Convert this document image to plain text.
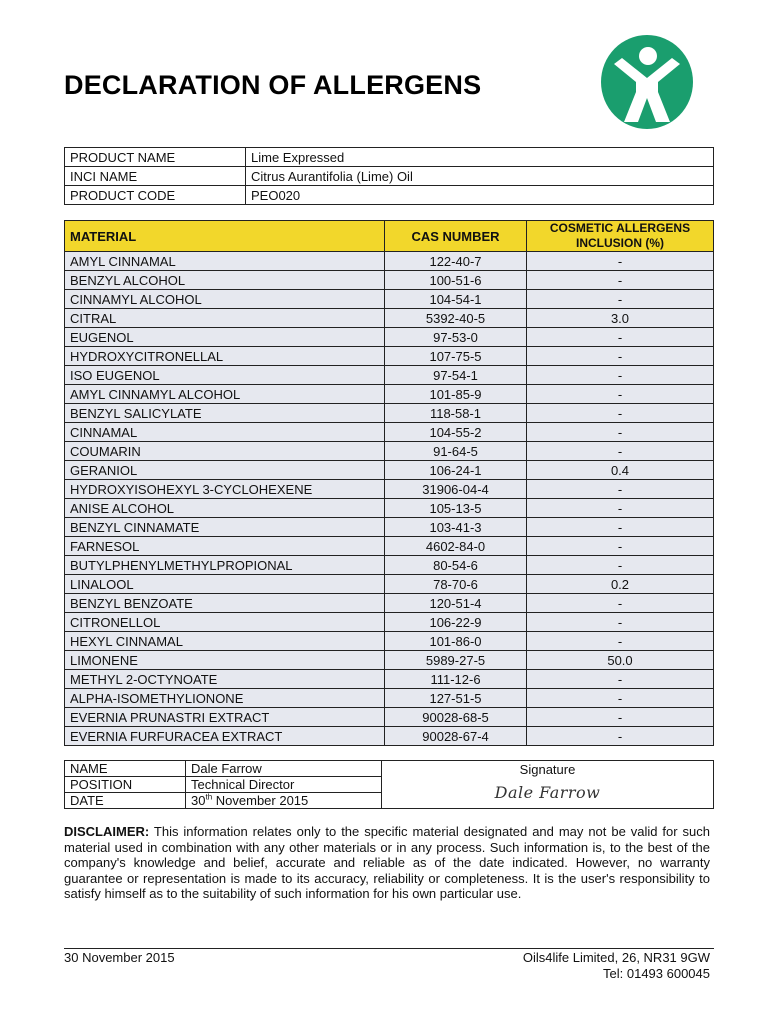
DECLARATION OF ALLERGENS
PRODUCT NAME	Lime Expressed
INCI NAME	Citrus Aurantifolia (Lime) Oil
PRODUCT CODE	PEO020
MATERIAL	CAS NUMBER	COSMETIC ALLERGENS INCLUSION (%)
AMYL CINNAMAL	122-40-7	-
BENZYL ALCOHOL	100-51-6	-
CINNAMYL ALCOHOL	104-54-1	-
CITRAL	5392-40-5	3.0
EUGENOL	97-53-0	-
HYDROXYCITRONELLAL	107-75-5	-
ISO EUGENOL	97-54-1	-
AMYL CINNAMYL ALCOHOL	101-85-9	-
BENZYL SALICYLATE	118-58-1	-
CINNAMAL	104-55-2	-
COUMARIN	91-64-5	-
GERANIOL	106-24-1	0.4
HYDROXYISOHEXYL 3-CYCLOHEXENE	31906-04-4	-
ANISE ALCOHOL	105-13-5	-
BENZYL CINNAMATE	103-41-3	-
FARNESOL	4602-84-0	-
BUTYLPHENYLMETHYLPROPIONAL	80-54-6	-
LINALOOL	78-70-6	0.2
BENZYL BENZOATE	120-51-4	-
CITRONELLOL	106-22-9	-
HEXYL CINNAMAL	101-86-0	-
LIMONENE	5989-27-5	50.0
METHYL 2-OCTYNOATE	111-12-6	-
ALPHA-ISOMETHYLIONONE	127-51-5	-
EVERNIA PRUNASTRI EXTRACT	90028-68-5	-
EVERNIA FURFURACEA EXTRACT	90028-67-4	-
NAME	Dale Farrow	Signature
Dale Farrow

POSITION	Technical Director	
DATE	30th November 2015	

DISCLAIMER: This information relates only to the specific material designated and may not be valid for such material used in combination with any other materials or in any process. Such information is, to the best of the company's knowledge and belief, accurate and reliable as of the date indicated. However, no warranty guarantee or representation is made to its accuracy, reliability or completeness. It is the user's responsibility to satisfy himself as to the suitability of such information for his own particular use.

30 November 2015	Oils4life Limited, 26, NR31 9GW
Tel: 01493 600045
